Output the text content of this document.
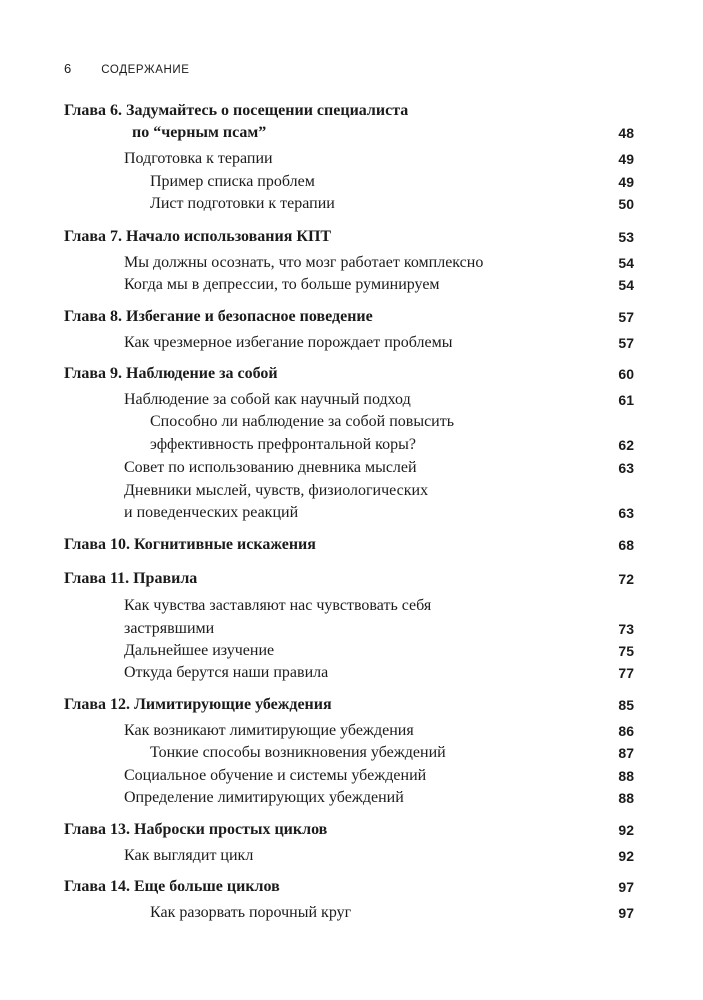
6	СОДЕРЖАНИЕ
Глава 6. Задумайтесь о посещении специалиста
по “черным псам”	48
Подготовка к терапии	49
Пример списка проблем	49
Лист подготовки к терапии	50
Глава 7. Начало использования КПТ	53
Мы должны осознать, что мозг работает комплексно	54
Когда мы в депрессии, то больше руминируем	54
Глава 8. Избегание и безопасное поведение	57
Как чрезмерное избегание порождает проблемы	57
Глава 9. Наблюдение за собой	60
Наблюдение за собой как научный подход	61
Способно ли наблюдение за собой повысить
эффективность префронтальной коры?	62
Совет по использованию дневника мыслей	63
Дневники мыслей, чувств, физиологических
и поведенческих реакций	63
Глава 10. Когнитивные искажения	68
Глава 11. Правила	72
Как чувства заставляют нас чувствовать себя
застрявшими	73
Дальнейшее изучение	75
Откуда берутся наши правила	77
Глава 12. Лимитирующие убеждения	85
Как возникают лимитирующие убеждения	86
Тонкие способы возникновения убеждений	87
Социальное обучение и системы убеждений	88
Определение лимитирующих убеждений	88
Глава 13. Наброски простых циклов	92
Как выглядит цикл	92
Глава 14. Еще больше циклов	97
Как разорвать порочный круг	97
